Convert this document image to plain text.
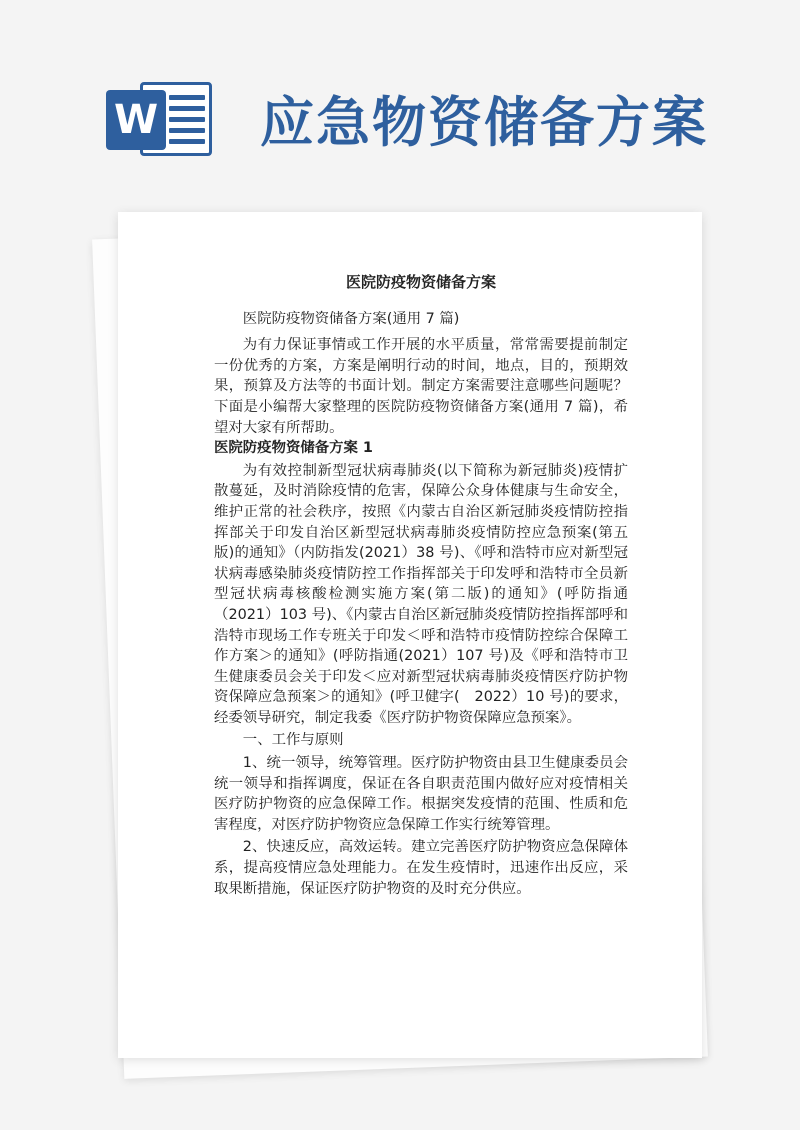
W 应急物资储备方案

医院防疫物资储备方案

医院防疫物资储备方案(通用 7 篇)

为有力保证事情或工作开展的水平质量，常常需要提前制定一份优秀的方案，方案是阐明行动的时间，地点，目的，预期效果，预算及方法等的书面计划。制定方案需要注意哪些问题呢？下面是小编帮大家整理的医院防疫物资储备方案(通用 7 篇)，希望对大家有所帮助。

医院防疫物资储备方案 1

为有效控制新型冠状病毒肺炎(以下简称为新冠肺炎)疫情扩散蔓延，及时消除疫情的危害，保障公众身体健康与生命安全，维护正常的社会秩序，按照《内蒙古自治区新冠肺炎疫情防控指挥部关于印发自治区新型冠状病毒肺炎疫情防控应急预案(第五版)的通知》（内防指发(2021）38 号)、《呼和浩特市应对新型冠状病毒感染肺炎疫情防控工作指挥部关于印发呼和浩特市全员新型冠状病毒核酸检测实施方案(第二版)的通知》(呼防指通（2021）103 号)、《内蒙古自治区新冠肺炎疫情防控指挥部呼和浩特市现场工作专班关于印发＜呼和浩特市疫情防控综合保障工作方案＞的通知》(呼防指通(2021）107 号)及《呼和浩特市卫生健康委员会关于印发＜应对新型冠状病毒肺炎疫情医疗防护物资保障应急预案＞的通知》(呼卫健字(　2022）10 号)的要求，经委领导研究，制定我委《医疗防护物资保障应急预案》。

一、工作与原则

1、统一领导，统筹管理。医疗防护物资由县卫生健康委员会统一领导和指挥调度，保证在各自职责范围内做好应对疫情相关医疗防护物资的应急保障工作。根据突发疫情的范围、性质和危害程度，对医疗防护物资应急保障工作实行统筹管理。

2、快速反应，高效运转。建立完善医疗防护物资应急保障体系，提高疫情应急处理能力。在发生疫情时，迅速作出反应，采取果断措施，保证医疗防护物资的及时充分供应。
